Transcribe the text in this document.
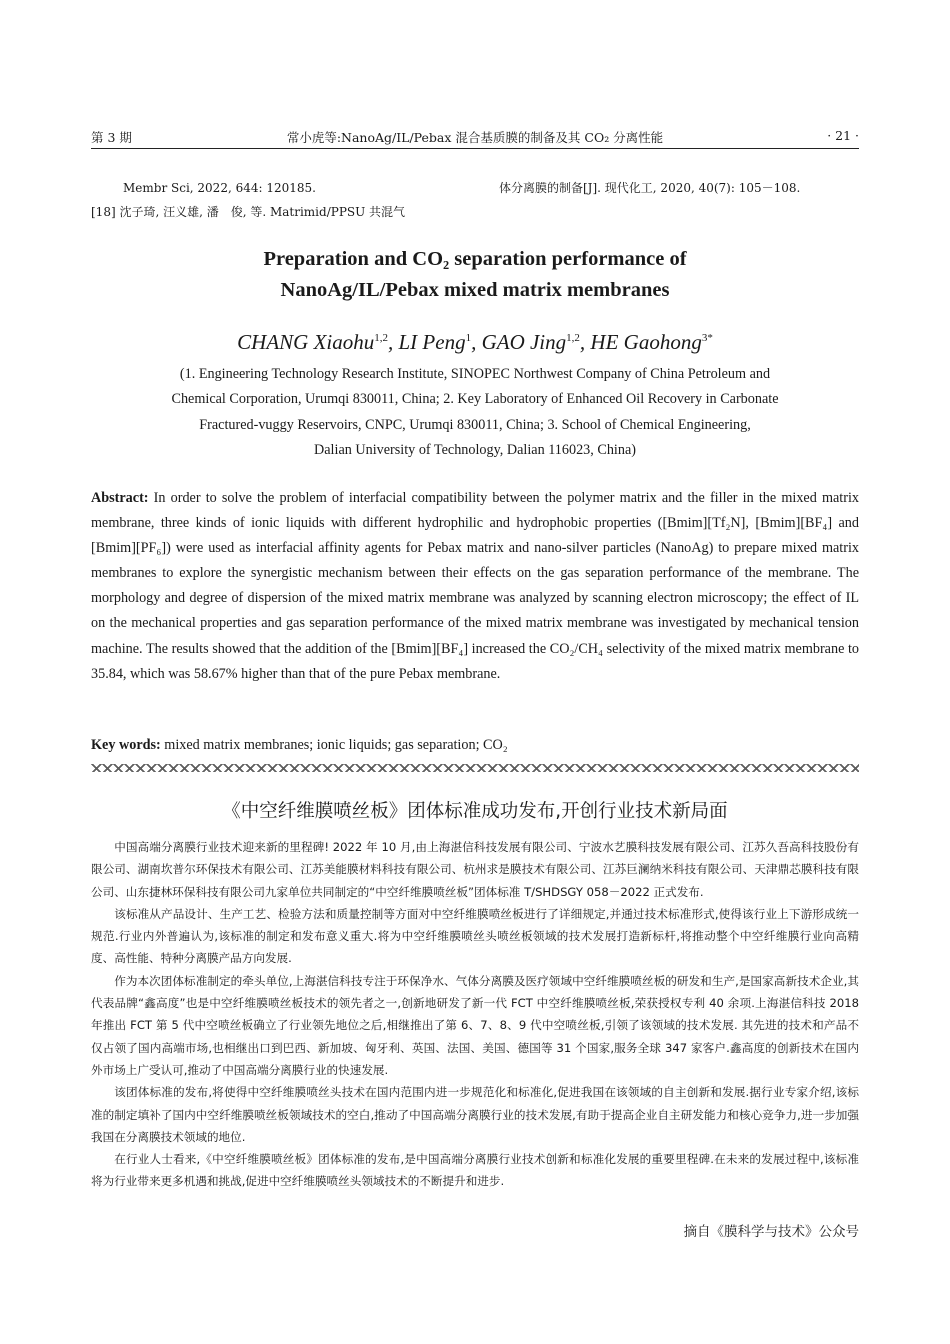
第 3 期	常小虎等:NanoAg/IL/Pebax 混合基质膜的制备及其 CO₂ 分离性能	· 21 ·
Membr Sci, 2022, 644: 120185.
[18] 沈子琦, 汪义雄, 潘　俊, 等. Matrimid/PPSU 共混气
体分离膜的制备[J]. 现代化工, 2020, 40(7): 105－108.
Preparation and CO₂ separation performance of
NanoAg/IL/Pebax mixed matrix membranes
CHANG Xiaohu$^{1,2}$, LI Peng$^1$, GAO Jing$^{1,2}$, HE Gaohong$^{3*}$
(1. Engineering Technology Research Institute, SINOPEC Northwest Company of China Petroleum and
Chemical Corporation, Urumqi 830011, China; 2. Key Laboratory of Enhanced Oil Recovery in Carbonate
Fractured-vuggy Reservoirs, CNPC, Urumqi 830011, China; 3. School of Chemical Engineering,
Dalian University of Technology, Dalian 116023, China)
Abstract: In order to solve the problem of interfacial compatibility between the polymer matrix and the filler in the mixed matrix membrane, three kinds of ionic liquids with different hydrophilic and hydrophobic properties ([Bmim][Tf₂N], [Bmim][BF₄] and [Bmim][PF₆]) were used as interfacial affinity agents for Pebax matrix and nano-silver particles (NanoAg) to prepare mixed matrix membranes to explore the synergistic mechanism between their effects on the gas separation performance of the membrane. The morphology and degree of dispersion of the mixed matrix membrane was analyzed by scanning electron microscopy; the effect of IL on the mechanical properties and gas separation performance of the mixed matrix membrane was investigated by mechanical tension machine. The results showed that the addition of the [Bmim][BF₄] increased the CO₂/CH₄ selectivity of the mixed matrix membrane to 35.84, which was 58.67% higher than that of the pure Pebax membrane.
Key words: mixed matrix membranes; ionic liquids; gas separation; CO₂
《中空纤维膜喷丝板》团体标准成功发布,开创行业技术新局面

中国高端分离膜行业技术迎来新的里程碑! 2022 年 10 月,由上海湛信科技发展有限公司、宁波水艺膜科技发展有限公司、江苏久吾高科技股份有限公司、湖南坎普尔环保技术有限公司、江苏美能膜材料科技有限公司、杭州求是膜技术有限公司、江苏巨澜纳米科技有限公司、天津鼎芯膜科技有限公司、山东捷林环保科技有限公司九家单位共同制定的“中空纤维膜喷丝板”团体标准 T/SHDSGY 058－2022 正式发布.

该标准从产品设计、生产工艺、检验方法和质量控制等方面对中空纤维膜喷丝板进行了详细规定,并通过技术标准形式,使得该行业上下游形成统一规范.行业内外普遍认为,该标准的制定和发布意义重大.将为中空纤维膜喷丝头喷丝板领域的技术发展打造新标杆,将推动整个中空纤维膜行业向高精度、高性能、特种分离膜产品方向发展.

作为本次团体标准制定的牵头单位,上海湛信科技专注于环保净水、气体分离膜及医疗领域中空纤维膜喷丝板的研发和生产,是国家高新技术企业,其代表品牌“鑫高度”也是中空纤维膜喷丝板技术的领先者之一,创新地研发了新一代 FCT 中空纤维膜喷丝板,荣获授权专利 40 余项.上海湛信科技 2018 年推出 FCT 第 5 代中空喷丝板确立了行业领先地位之后,相继推出了第 6、7、8、9 代中空喷丝板,引领了该领域的技术发展. 其先进的技术和产品不仅占领了国内高端市场,也相继出口到巴西、新加坡、匈牙利、英国、法国、美国、德国等 31 个国家,服务全球 347 家客户.鑫高度的创新技术在国内外市场上广受认可,推动了中国高端分离膜行业的快速发展.

该团体标准的发布,将使得中空纤维膜喷丝头技术在国内范围内进一步规范化和标准化,促进我国在该领域的自主创新和发展.据行业专家介绍,该标准的制定填补了国内中空纤维膜喷丝板领域技术的空白,推动了中国高端分离膜行业的技术发展,有助于提高企业自主研发能力和核心竞争力,进一步加强我国在分离膜技术领域的地位.

在行业人士看来,《中空纤维膜喷丝板》团体标准的发布,是中国高端分离膜行业技术创新和标准化发展的重要里程碑.在未来的发展过程中,该标准将为行业带来更多机遇和挑战,促进中空纤维膜喷丝头领域技术的不断提升和进步.

摘自《膜科学与技术》公众号
